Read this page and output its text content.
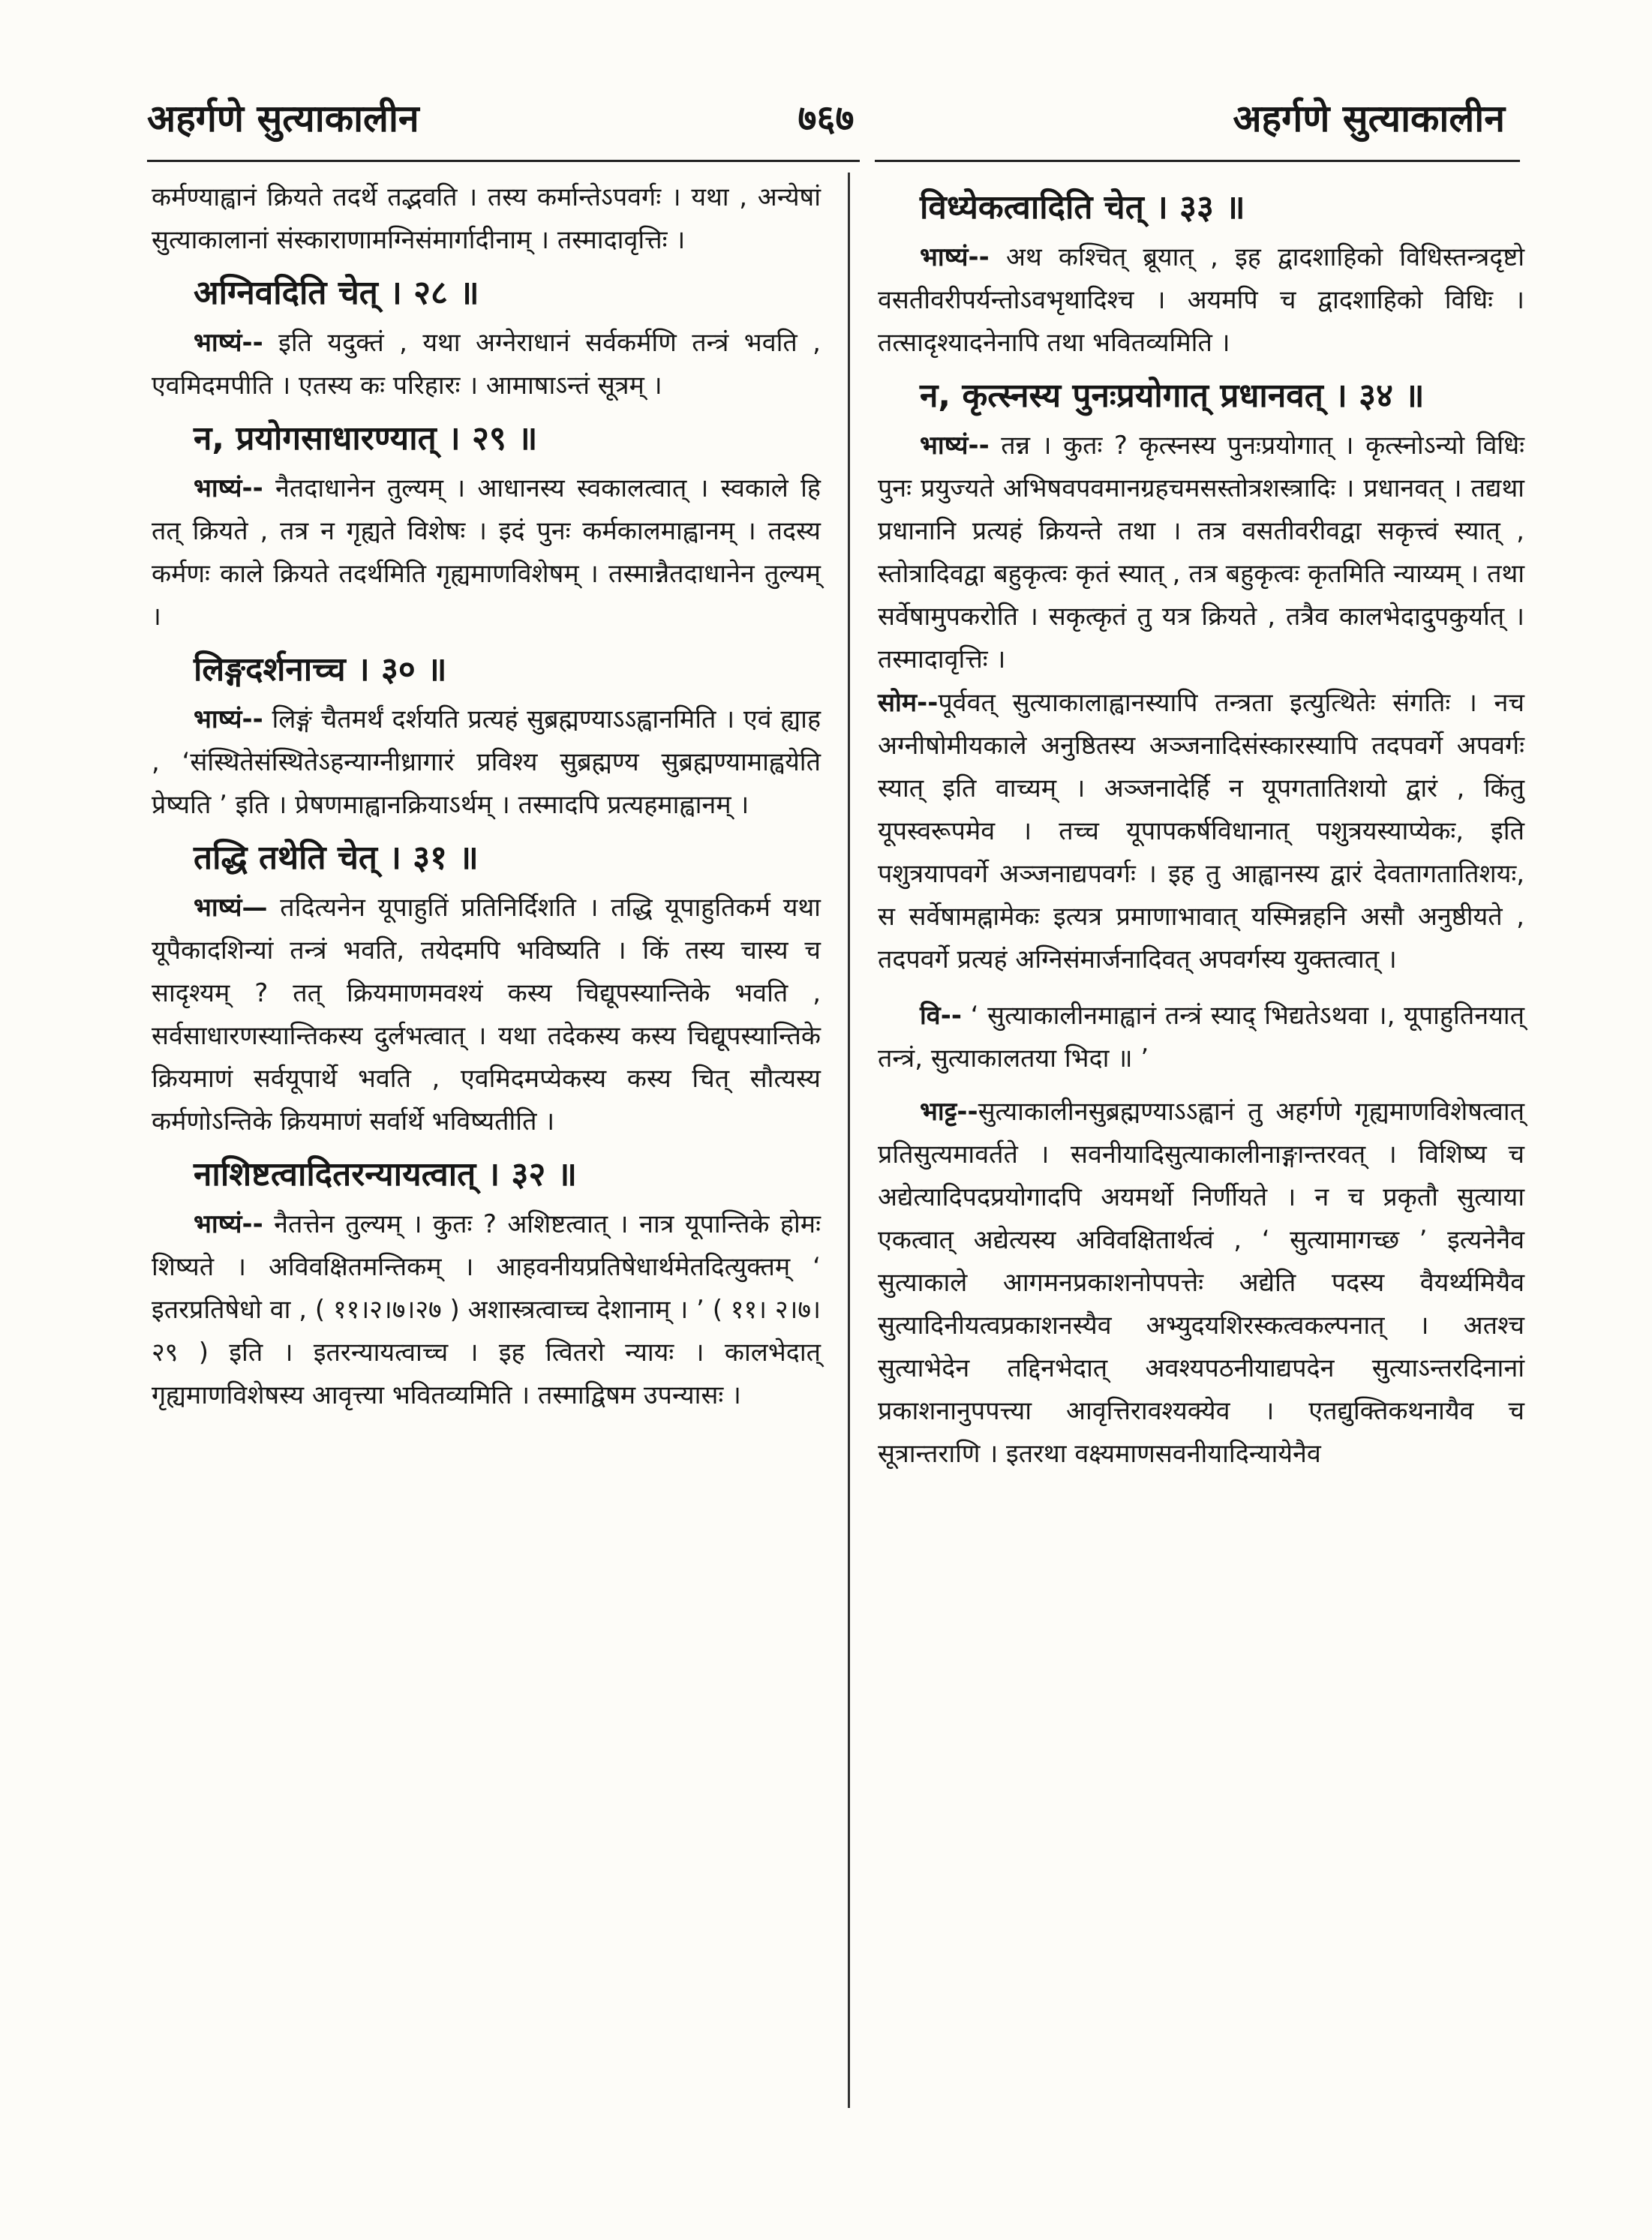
अहर्गणे सुत्याकालीन	७६७	अहर्गणे सुत्याकालीन

कर्मण्याह्वानं क्रियते तदर्थे तद्भवति । तस्य कर्मान्तेऽपवर्गः । यथा , अन्येषां सुत्याकालानां संस्काराणामग्निसंमार्गादीनाम् । तस्मादावृत्तिः ।

अग्निवदिति चेत् । २८ ॥

भाष्यं-- इति यदुक्तं , यथा अग्नेराधानं सर्वकर्मणि तन्त्रं भवति , एवमिदमपीति । एतस्य कः परिहारः । आमाषाऽन्तं सूत्रम् ।

न, प्रयोगसाधारण्यात् । २९ ॥

भाष्यं-- नैतदाधानेन तुल्यम् । आधानस्य स्वकालत्वात् । स्वकाले हि तत् क्रियते , तत्र न गृह्यते विशेषः । इदं पुनः कर्मकालमाह्वानम् । तदस्य कर्मणः काले क्रियते तदर्थमिति गृह्यमाणविशेषम् । तस्मान्नैतदाधानेन तुल्यम् ।

लिङ्गदर्शनाच्च । ३० ॥

भाष्यं-- लिङ्गं चैतमर्थं दर्शयति प्रत्यहं सुब्रह्मण्याऽऽह्वानमिति । एवं ह्याह , ‘संस्थितेसंस्थितेऽहन्याग्नीध्रागारं प्रविश्य सुब्रह्मण्य सुब्रह्मण्यामाह्वयेति प्रेष्यति ’ इति । प्रेषणमाह्वानक्रियाऽर्थम् । तस्मादपि प्रत्यहमाह्वानम् ।

तद्धि तथेति चेत् । ३१ ॥

भाष्यं— तदित्यनेन यूपाहुतिं प्रतिनिर्दिशति । तद्धि यूपाहुतिकर्म यथा यूपैकादशिन्यां तन्त्रं भवति, तयेदमपि भविष्यति । किं तस्य चास्य च सादृश्यम् ? तत् क्रियमाणमवश्यं कस्य चिद्यूपस्यान्तिके भवति , सर्वसाधारणस्यान्तिकस्य दुर्लभत्वात् । यथा तदेकस्य कस्य चिद्यूपस्यान्तिके क्रियमाणं सर्वयूपार्थे भवति , एवमिदमप्येकस्य कस्य चित् सौत्यस्य कर्मणोऽन्तिके क्रियमाणं सर्वार्थे भविष्यतीति ।

नाशिष्टत्वादितरन्यायत्वात् । ३२ ॥

भाष्यं-- नैतत्तेन तुल्यम् । कुतः ? अशिष्टत्वात् । नात्र यूपान्तिके होमः शिष्यते । अविवक्षितमन्तिकम् । आहवनीयप्रतिषेधार्थमेतदित्युक्तम् ‘ इतरप्रतिषेधो वा , ( ११।२।७।२७ ) अशास्त्रत्वाच्च देशानाम् । ’ ( ११। २।७।२९ ) इति । इतरन्यायत्वाच्च । इह त्वितरो न्यायः । कालभेदात् गृह्यमाणविशेषस्य आवृत्त्या भवितव्यमिति । तस्माद्विषम उपन्यासः ।

विध्येकत्वादिति चेत् । ३३ ॥

भाष्यं-- अथ कश्चित् ब्रूयात् , इह द्वादशाहिको विधिस्तन्त्रदृष्टो वसतीवरीपर्यन्तोऽवभृथादिश्च । अयमपि च द्वादशाहिको विधिः । तत्सादृश्यादनेनापि तथा भवितव्यमिति ।

न, कृत्स्नस्य पुनःप्रयोगात् प्रधानवत् । ३४ ॥

भाष्यं-- तन्न । कुतः ? कृत्स्नस्य पुनःप्रयोगात् । कृत्स्नोऽन्यो विधिः पुनः प्रयुज्यते अभिषवपवमानग्रहचमसस्तोत्रशस्त्रादिः । प्रधानवत् । तद्यथा प्रधानानि प्रत्यहं क्रियन्ते तथा । तत्र वसतीवरीवद्वा सकृत्त्वं स्यात् , स्तोत्रादिवद्वा बहुकृत्वः कृतं स्यात् , तत्र बहुकृत्वः कृतमिति न्याय्यम् । तथा सर्वेषामुपकरोति । सकृत्कृतं तु यत्र क्रियते , तत्रैव कालभेदादुपकुर्यात् । तस्मादावृत्तिः ।

सोम--पूर्ववत् सुत्याकालाह्वानस्यापि तन्त्रता इत्युत्थितेः संगतिः । नच अग्नीषोमीयकाले अनुष्ठितस्य अञ्जनादिसंस्कारस्यापि तदपवर्गे अपवर्गः स्यात् इति वाच्यम् । अञ्जनादेर्हि न यूपगतातिशयो द्वारं , किंतु यूपस्वरूपमेव । तच्च यूपापकर्षविधानात् पशुत्रयस्याप्येकः, इति पशुत्रयापवर्गे अञ्जनाद्यपवर्गः । इह तु आह्वानस्य द्वारं देवतागतातिशयः, स सर्वेषामह्नामेकः इत्यत्र प्रमाणाभावात् यस्मिन्नहनि असौ अनुष्ठीयते , तदपवर्गे प्रत्यहं अग्निसंमार्जनादिवत् अपवर्गस्य युक्तत्वात् ।

वि-- ‘ सुत्याकालीनमाह्वानं तन्त्रं स्याद् भिद्यतेऽथवा ।, यूपाहुतिनयात् तन्त्रं, सुत्याकालतया भिदा ॥ ’

भाट्ट--सुत्याकालीनसुब्रह्मण्याऽऽह्वानं तु अहर्गणे गृह्यमाणविशेषत्वात् प्रतिसुत्यमावर्तते । सवनीयादिसुत्याकालीनाङ्गान्तरवत् । विशिष्य च अद्येत्यादिपदप्रयोगादपि अयमर्थो निर्णीयते । न च प्रकृतौ सुत्याया एकत्वात् अद्येत्यस्य अविवक्षितार्थत्वं , ‘ सुत्यामागच्छ ’ इत्यनेनैव सुत्याकाले आगमनप्रकाशनोपपत्तेः अद्येति पदस्य वैयर्थ्यमियैव सुत्यादिनीयत्वप्रकाशनस्यैव अभ्युदयशिरस्कत्वकल्पनात् । अतश्च सुत्याभेदेन तद्दिनभेदात् अवश्यपठनीयाद्यपदेन सुत्याऽन्तरदिनानां प्रकाशनानुपपत्त्या आवृत्तिरावश्यक्येव । एतद्युक्तिकथनायैव च सूत्रान्तराणि । इतरथा वक्ष्यमाणसवनीयादिन्यायेनैव
